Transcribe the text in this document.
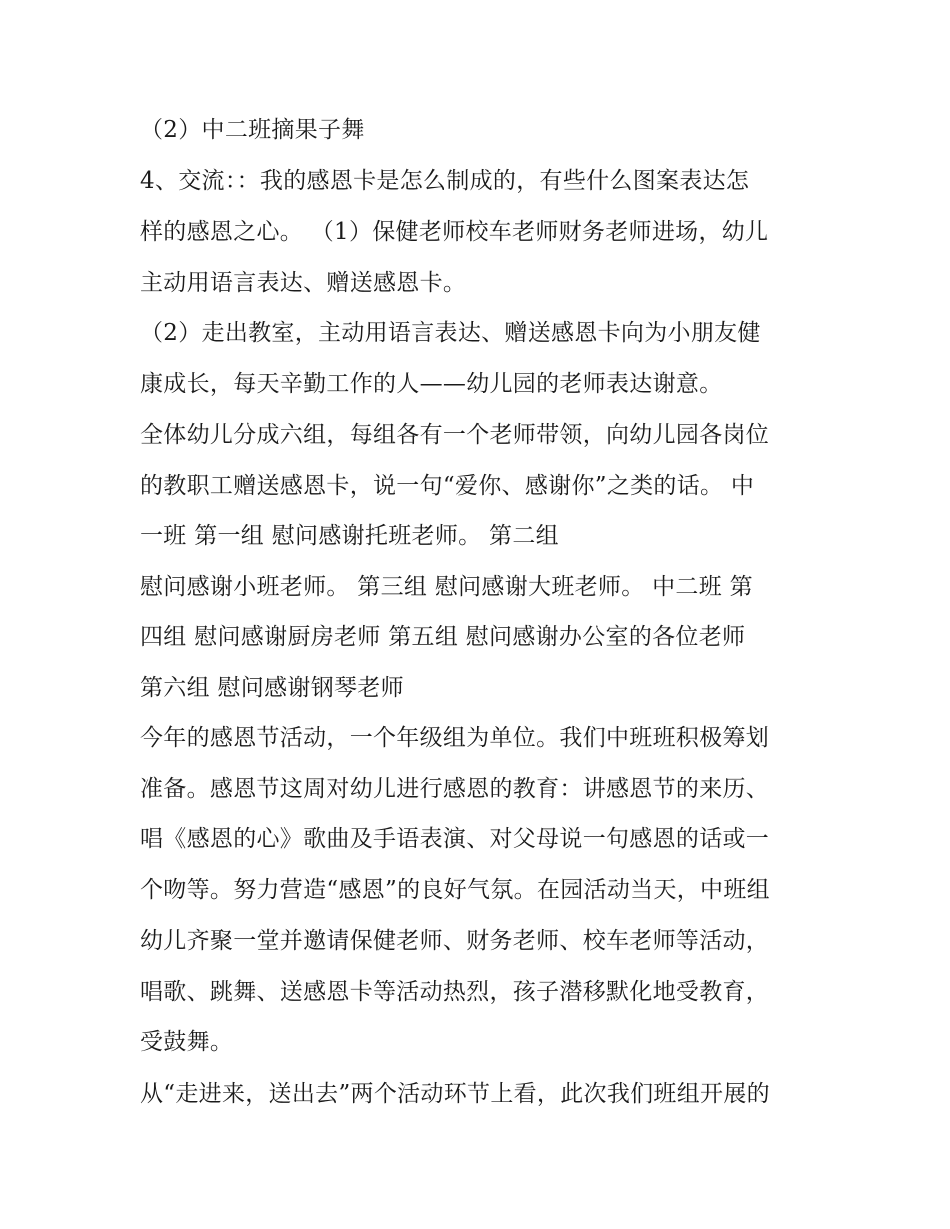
（2）中二班摘果子舞

4、交流：：我的感恩卡是怎么制成的，有些什么图案表达怎

样的感恩之心。 （1）保健老师校车老师财务老师进场，幼儿

主动用语言表达、赠送感恩卡。

（2）走出教室，主动用语言表达、赠送感恩卡向为小朋友健

康成长，每天辛勤工作的人——幼儿园的老师表达谢意。

全体幼儿分成六组，每组各有一个老师带领，向幼儿园各岗位

的教职工赠送感恩卡，说一句“爱你、感谢你”之类的话。 中

一班 第一组 慰问感谢托班老师。 第二组

慰问感谢小班老师。 第三组 慰问感谢大班老师。 中二班 第

四组 慰问感谢厨房老师 第五组 慰问感谢办公室的各位老师

第六组 慰问感谢钢琴老师

今年的感恩节活动，一个年级组为单位。我们中班班积极筹划

准备。感恩节这周对幼儿进行感恩的教育：讲感恩节的来历、

唱《感恩的心》歌曲及手语表演、对父母说一句感恩的话或一

个吻等。努力营造“感恩”的良好气氛。在园活动当天，中班组

幼儿齐聚一堂并邀请保健老师、财务老师、校车老师等活动，

唱歌、跳舞、送感恩卡等活动热烈，孩子潜移默化地受教育，

受鼓舞。

从“走进来，送出去”两个活动环节上看，此次我们班组开展的
